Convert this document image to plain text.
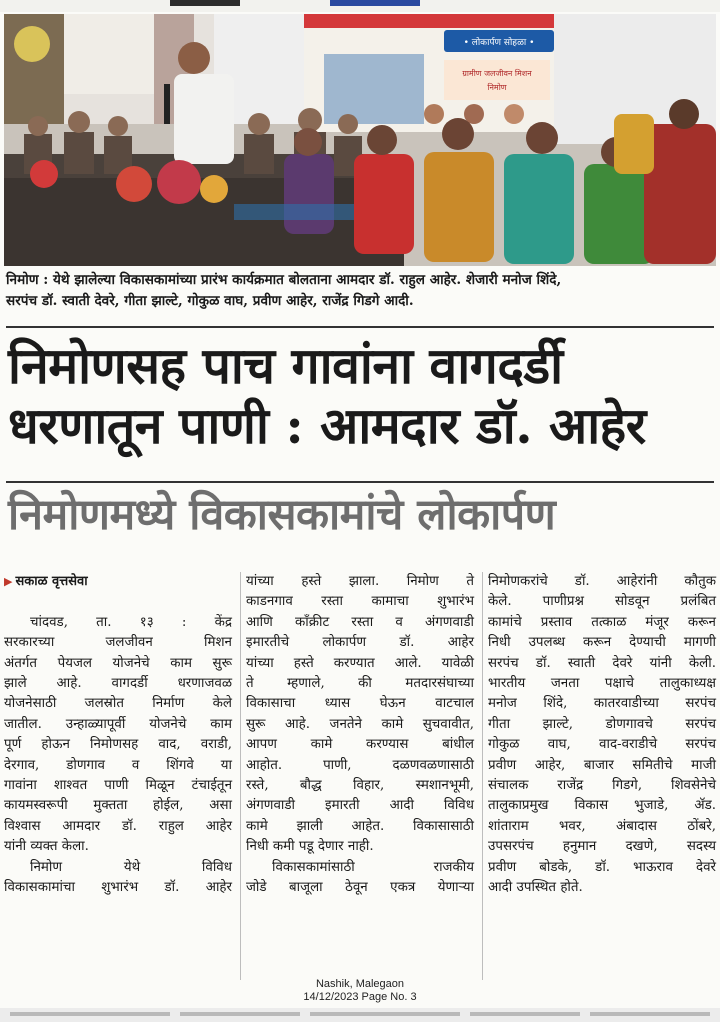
• लोकार्पण सोहळा •
ग्रामीण जलजीवन मिशन
निमोण

निमोण : येथे झालेल्या विकासकामांच्या प्रारंभ कार्यक्रमात बोलताना आमदार डॉ. राहुल आहेर. शेजारी मनोज शिंदे,

सरपंच डॉ. स्वाती देवरे, गीता झाल्टे, गोकुळ वाघ, प्रवीण आहेर, राजेंद्र गिडगे आदी.

निमोणसह पाच गावांना वागदर्डी
धरणातून पाणी : आमदार डॉ. आहेर
निमोणमध्ये विकासकामांचे लोकार्पण

▶ सकाळ वृत्तसेवा

चांदवड, ता. १३ : केंद्र

सरकारच्या जलजीवन मिशन

अंतर्गत पेयजल योजनेचे काम सुरू

झाले आहे. वागदर्डी धरणाजवळ

योजनेसाठी जलस्रोत निर्माण केले

जातील. उन्हाळ्यापूर्वी योजनेचे काम

पूर्ण होऊन निमोणसह वाद, वराडी,

देरगाव, डोणगाव व शिंगवे या

गावांना शाश्वत पाणी मिळून टंचाईतून

कायमस्वरूपी मुक्तता होईल, असा

विश्वास आमदार डॉ. राहुल आहेर

यांनी व्यक्त केला.

निमोण येथे विविध

विकासकामांचा शुभारंभ डॉ. आहेर

यांच्या हस्ते झाला. निमोण ते

काडनगाव रस्ता कामाचा शुभारंभ

आणि काँक्रीट रस्ता व अंगणवाडी

इमारतीचे लोकार्पण डॉ. आहेर

यांच्या हस्ते करण्यात आले. यावेळी

ते म्हणाले, की मतदारसंघाच्या

विकासाचा ध्यास घेऊन वाटचाल

सुरू आहे. जनतेने कामे सुचवावीत,

आपण कामे करण्यास बांधील

आहोत. पाणी, दळणवळणासाठी

रस्ते, बौद्ध विहार, स्मशानभूमी,

अंगणवाडी इमारती आदी विविध

कामे झाली आहेत. विकासासाठी

निधी कमी पडू देणार नाही.

विकासकामांसाठी राजकीय

जोडे बाजूला ठेवून एकत्र येणाऱ्या

निमोणकरांचे डॉ. आहेरांनी कौतुक

केले. पाणीप्रश्न सोडवून प्रलंबित

कामांचे प्रस्ताव तत्काळ मंजूर करून

निधी उपलब्ध करून देण्याची मागणी

सरपंच डॉ. स्वाती देवरे यांनी केली.

भारतीय जनता पक्षाचे तालुकाध्यक्ष

मनोज शिंदे, कातरवाडीच्या सरपंच

गीता झाल्टे, डोणगावचे सरपंच

गोकुळ वाघ, वाद-वराडीचे सरपंच

प्रवीण आहेर, बाजार समितीचे माजी

संचालक राजेंद्र गिडगे, शिवसेनेचे

तालुकाप्रमुख विकास भुजाडे, ॲड.

शांताराम भवर, अंबादास ठोंबरे,

उपसरपंच हनुमान दखणे, सदस्य

प्रवीण बोडके, डॉ. भाऊराव देवरे

आदी उपस्थित होते.

Nashik, Malegaon
14/12/2023 Page No. 3
